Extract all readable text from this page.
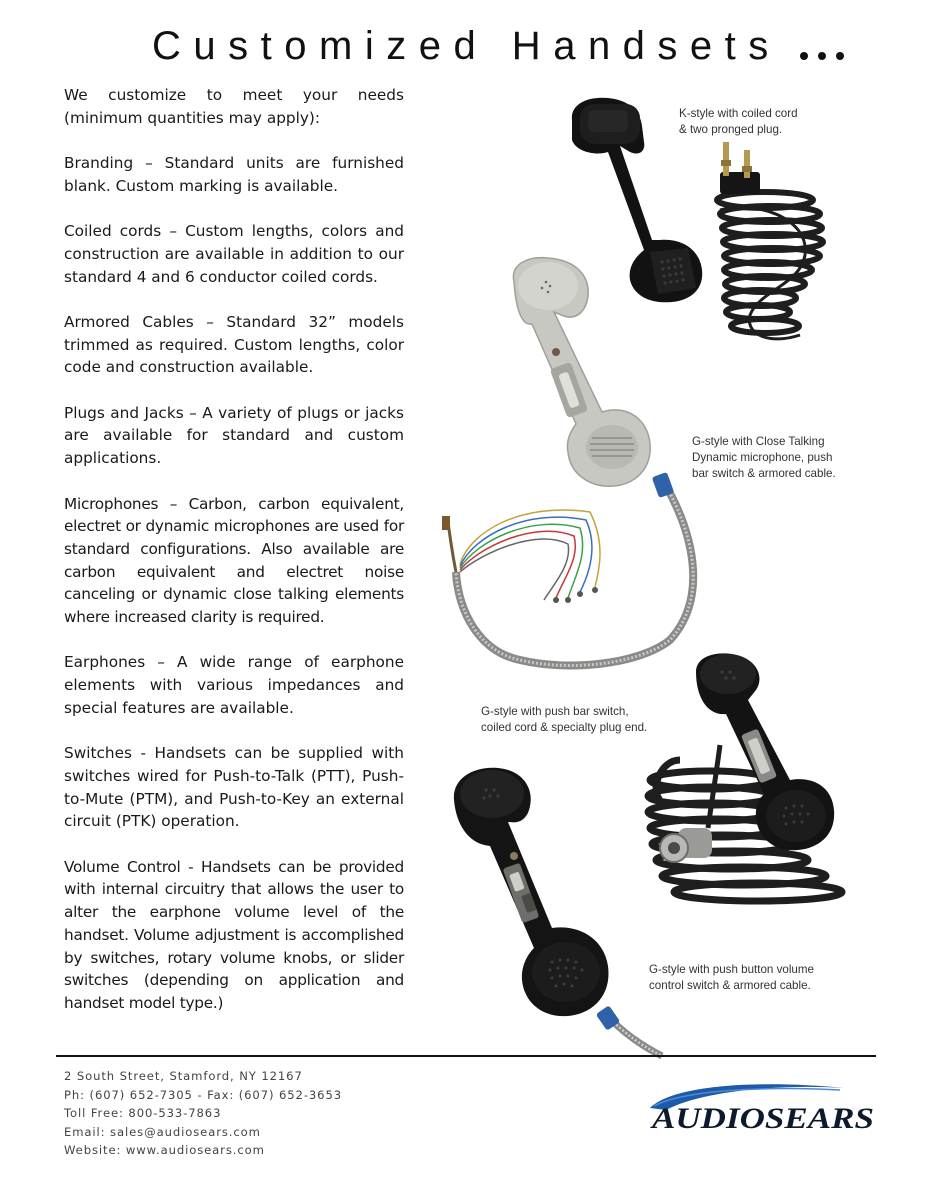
Customized Handsets

We customize to meet your needs (minimum quantities may apply):

Branding – Standard units are furnished blank. Custom marking is available.

Coiled cords – Custom lengths, colors and construction are available in addition to our standard 4 and 6 conductor coiled cords.

Armored Cables – Standard 32” models trimmed as required. Custom lengths, color code and construction available.

Plugs and Jacks – A variety of plugs or jacks are available for standard and custom applications.

Microphones – Carbon, carbon equivalent, electret or dynamic microphones are used for standard configurations. Also available are carbon equivalent and electret noise canceling or dynamic close talking elements where increased clarity is required.

Earphones – A wide range of earphone elements with various impedances and special features are available.

Switches - Handsets can be supplied with switches wired for Push-to-Talk (PTT), Push-to-Mute (PTM), and Push-to-Key an external circuit (PTK) operation.

Volume Control - Handsets can be provided with internal circuitry that allows the user to alter the earphone volume level of the handset. Volume adjustment is accomplished by switches, rotary volume knobs, or slider switches (depending on application and handset model type.)

K-style with coiled cord
& two pronged plug.
G-style with Close Talking
Dynamic microphone, push
bar switch & armored cable.
G-style with push bar switch,
coiled cord & specialty plug end.
G-style with push button volume
control switch & armored cable.
2 South Street, Stamford, NY 12167
Ph: (607) 652-7305 - Fax: (607) 652-3653
Toll Free: 800-533-7863
Email: sales@audiosears.com
Website: www.audiosears.com
AUDIOSEARS
